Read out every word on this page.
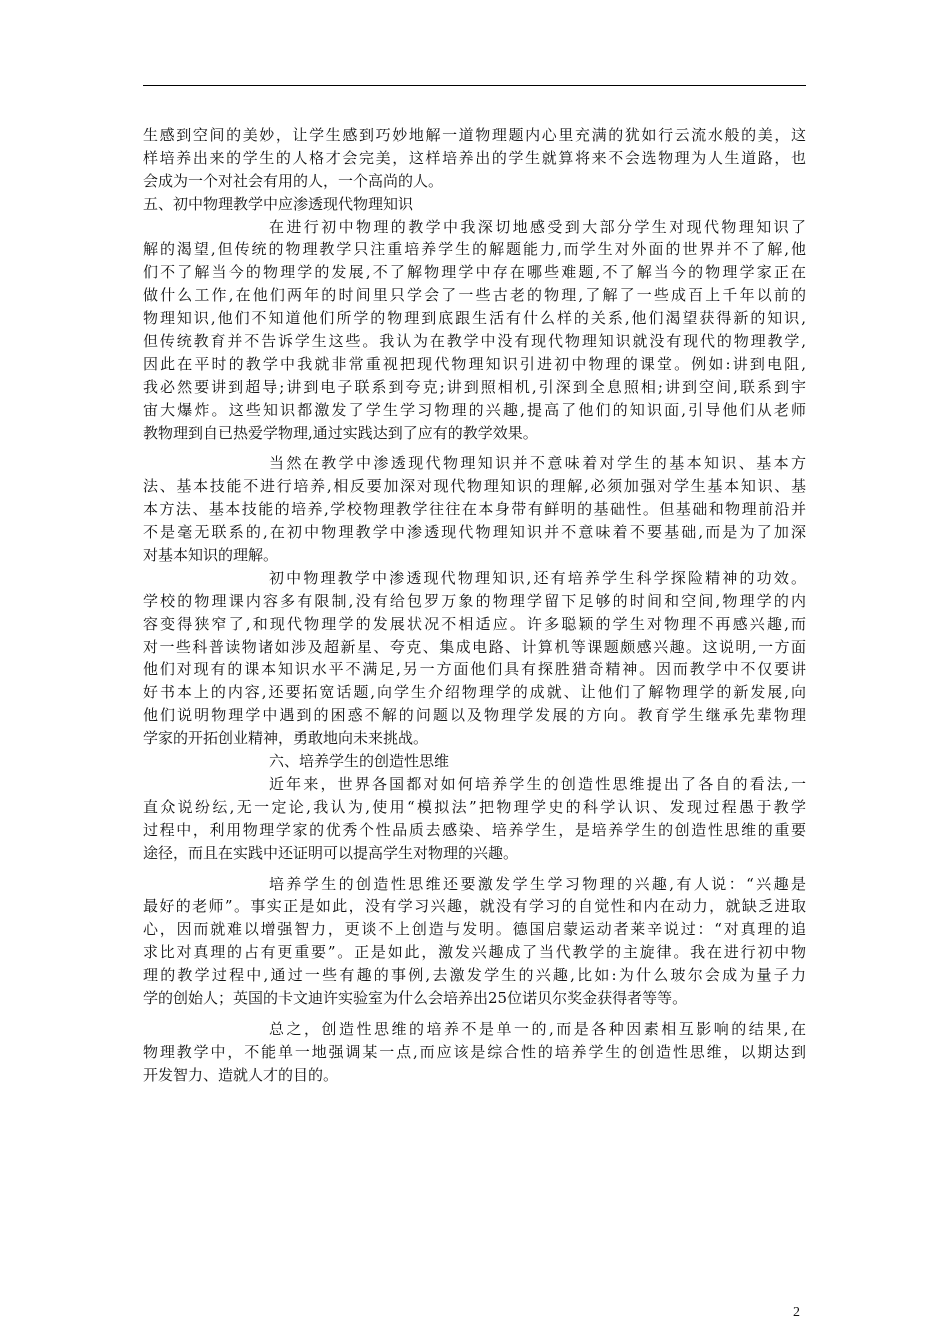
生感到空间的美妙，让学生感到巧妙地解一道物理题内心里充满的犹如行云流水般的美，这
样培养出来的学生的人格才会完美，这样培养出的学生就算将来不会选物理为人生道路，也
会成为一个对社会有用的人，一个高尚的人。
五、初中物理教学中应渗透现代物理知识
在进行初中物理的教学中我深切地感受到大部分学生对现代物理知识了
解的渴望,但传统的物理教学只注重培养学生的解题能力,而学生对外面的世界并不了解,他
们不了解当今的物理学的发展,不了解物理学中存在哪些难题,不了解当今的物理学家正在
做什么工作,在他们两年的时间里只学会了一些古老的物理,了解了一些成百上千年以前的
物理知识,他们不知道他们所学的物理到底跟生活有什么样的关系,他们渴望获得新的知识,
但传统教育并不告诉学生这些。我认为在教学中没有现代物理知识就没有现代的物理教学,
因此在平时的教学中我就非常重视把现代物理知识引进初中物理的课堂。例如:讲到电阻,
我必然要讲到超导;讲到电子联系到夸克;讲到照相机,引深到全息照相;讲到空间,联系到宇
宙大爆炸。这些知识都激发了学生学习物理的兴趣,提高了他们的知识面,引导他们从老师
教物理到自已热爱学物理,通过实践达到了应有的教学效果。
当然在教学中渗透现代物理知识并不意味着对学生的基本知识、基本方
法、基本技能不进行培养,相反要加深对现代物理知识的理解,必须加强对学生基本知识、基
本方法、基本技能的培养,学校物理教学往往在本身带有鲜明的基础性。但基础和物理前沿并
不是毫无联系的,在初中物理教学中渗透现代物理知识并不意味着不要基础,而是为了加深
对基本知识的理解。
初中物理教学中渗透现代物理知识,还有培养学生科学探险精神的功效。
学校的物理课内容多有限制,没有给包罗万象的物理学留下足够的时间和空间,物理学的内
容变得狭窄了,和现代物理学的发展状况不相适应。许多聪颖的学生对物理不再感兴趣,而
对一些科普读物诸如涉及超新星、夸克、集成电路、计算机等课题颇感兴趣。这说明,一方面
他们对现有的课本知识水平不满足,另一方面他们具有探胜猎奇精神。因而教学中不仅要讲
好书本上的内容,还要拓宽话题,向学生介绍物理学的成就、让他们了解物理学的新发展,向
他们说明物理学中遇到的困惑不解的问题以及物理学发展的方向。教育学生继承先辈物理
学家的开拓创业精神，勇敢地向未来挑战。
六、培养学生的创造性思维
近年来，世界各国都对如何培养学生的创造性思维提出了各自的看法,一
直众说纷纭,无一定论,我认为,使用“模拟法”把物理学史的科学认识、发现过程愚于教学
过程中，利用物理学家的优秀个性品质去感染、培养学生，是培养学生的创造性思维的重要
途径，而且在实践中还证明可以提高学生对物理的兴趣。
培养学生的创造性思维还要激发学生学习物理的兴趣,有人说：“兴趣是
最好的老师”。事实正是如此，没有学习兴趣，就没有学习的自觉性和内在动力，就缺乏进取
心，因而就难以增强智力，更谈不上创造与发明。德国启蒙运动者莱辛说过：“对真理的追
求比对真理的占有更重要”。正是如此，激发兴趣成了当代教学的主旋律。我在进行初中物
理的教学过程中,通过一些有趣的事例,去激发学生的兴趣,比如:为什么玻尔会成为量子力
学的创始人；英国的卡文迪许实验室为什么会培养出25位诺贝尔奖金获得者等等。
总之，创造性思维的培养不是单一的,而是各种因素相互影响的结果,在
物理教学中，不能单一地强调某一点,而应该是综合性的培养学生的创造性思维，以期达到
开发智力、造就人才的目的。
2
